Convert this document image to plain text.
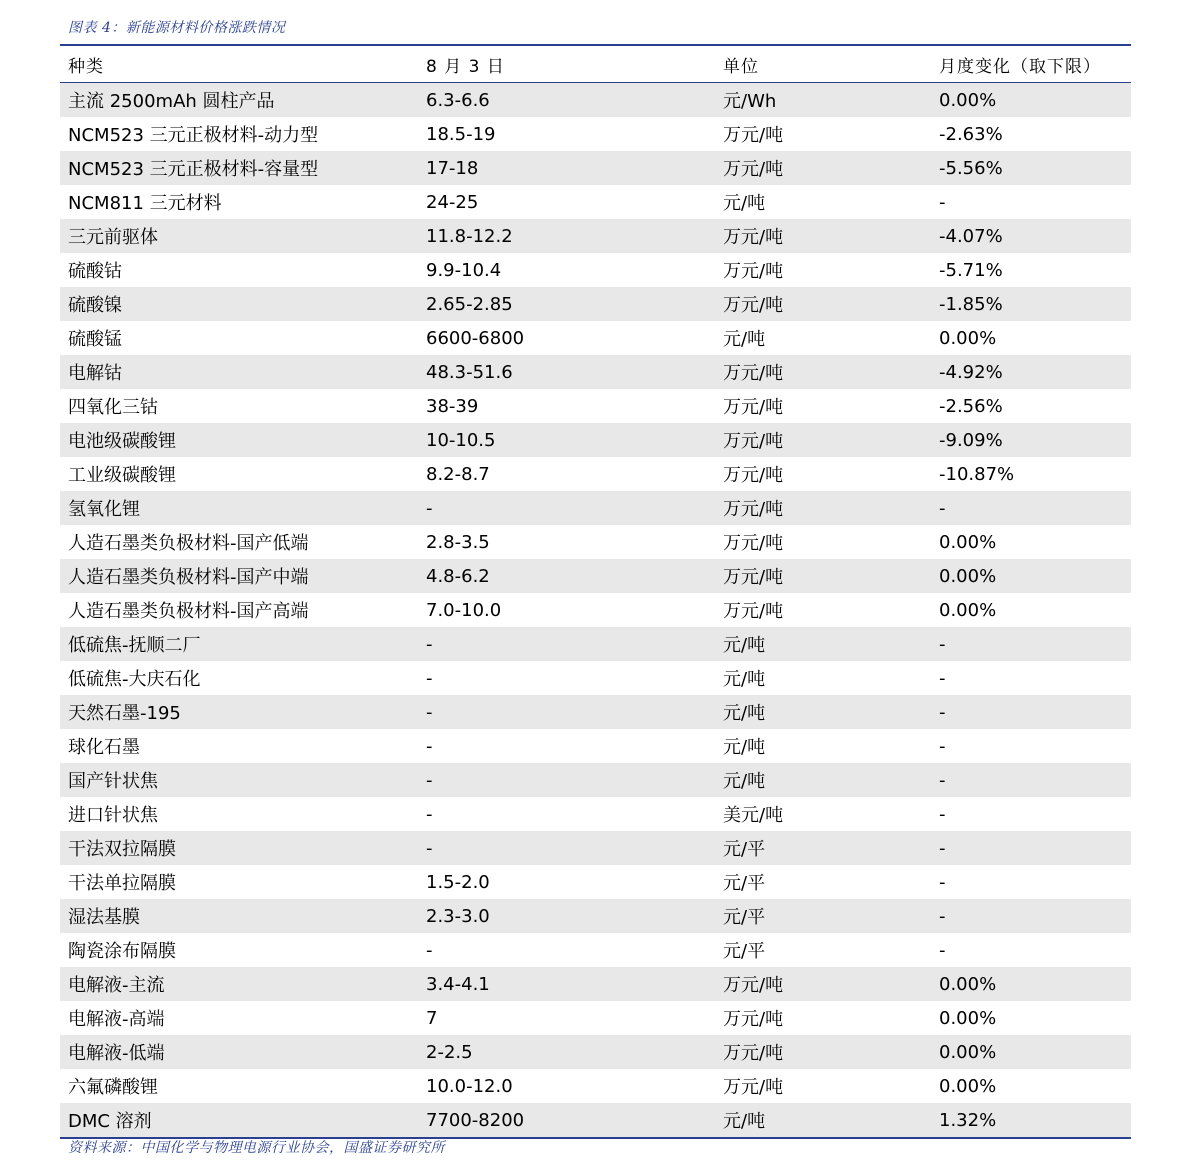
图表 4：新能源材料价格涨跌情况
种类	8 月 3 日	单位	月度变化（取下限）
主流 2500mAh 圆柱产品	6.3-6.6	元/Wh	0.00%
NCM523 三元正极材料-动力型	18.5-19	万元/吨	-2.63%
NCM523 三元正极材料-容量型	17-18	万元/吨	-5.56%
NCM811 三元材料	24-25	元/吨	-
三元前驱体	11.8-12.2	万元/吨	-4.07%
硫酸钴	9.9-10.4	万元/吨	-5.71%
硫酸镍	2.65-2.85	万元/吨	-1.85%
硫酸锰	6600-6800	元/吨	0.00%
电解钴	48.3-51.6	万元/吨	-4.92%
四氧化三钴	38-39	万元/吨	-2.56%
电池级碳酸锂	10-10.5	万元/吨	-9.09%
工业级碳酸锂	8.2-8.7	万元/吨	-10.87%
氢氧化锂	-	万元/吨	-
人造石墨类负极材料-国产低端	2.8-3.5	万元/吨	0.00%
人造石墨类负极材料-国产中端	4.8-6.2	万元/吨	0.00%
人造石墨类负极材料-国产高端	7.0-10.0	万元/吨	0.00%
低硫焦-抚顺二厂	-	元/吨	-
低硫焦-大庆石化	-	元/吨	-
天然石墨-195	-	元/吨	-
球化石墨	-	元/吨	-
国产针状焦	-	元/吨	-
进口针状焦	-	美元/吨	-
干法双拉隔膜	-	元/平	-
干法单拉隔膜	1.5-2.0	元/平	-
湿法基膜	2.3-3.0	元/平	-
陶瓷涂布隔膜	-	元/平	-
电解液-主流	3.4-4.1	万元/吨	0.00%
电解液-高端	7	万元/吨	0.00%
电解液-低端	2-2.5	万元/吨	0.00%
六氟磷酸锂	10.0-12.0	万元/吨	0.00%
DMC 溶剂	7700-8200	元/吨	1.32%
资料来源：中国化学与物理电源行业协会，国盛证券研究所
